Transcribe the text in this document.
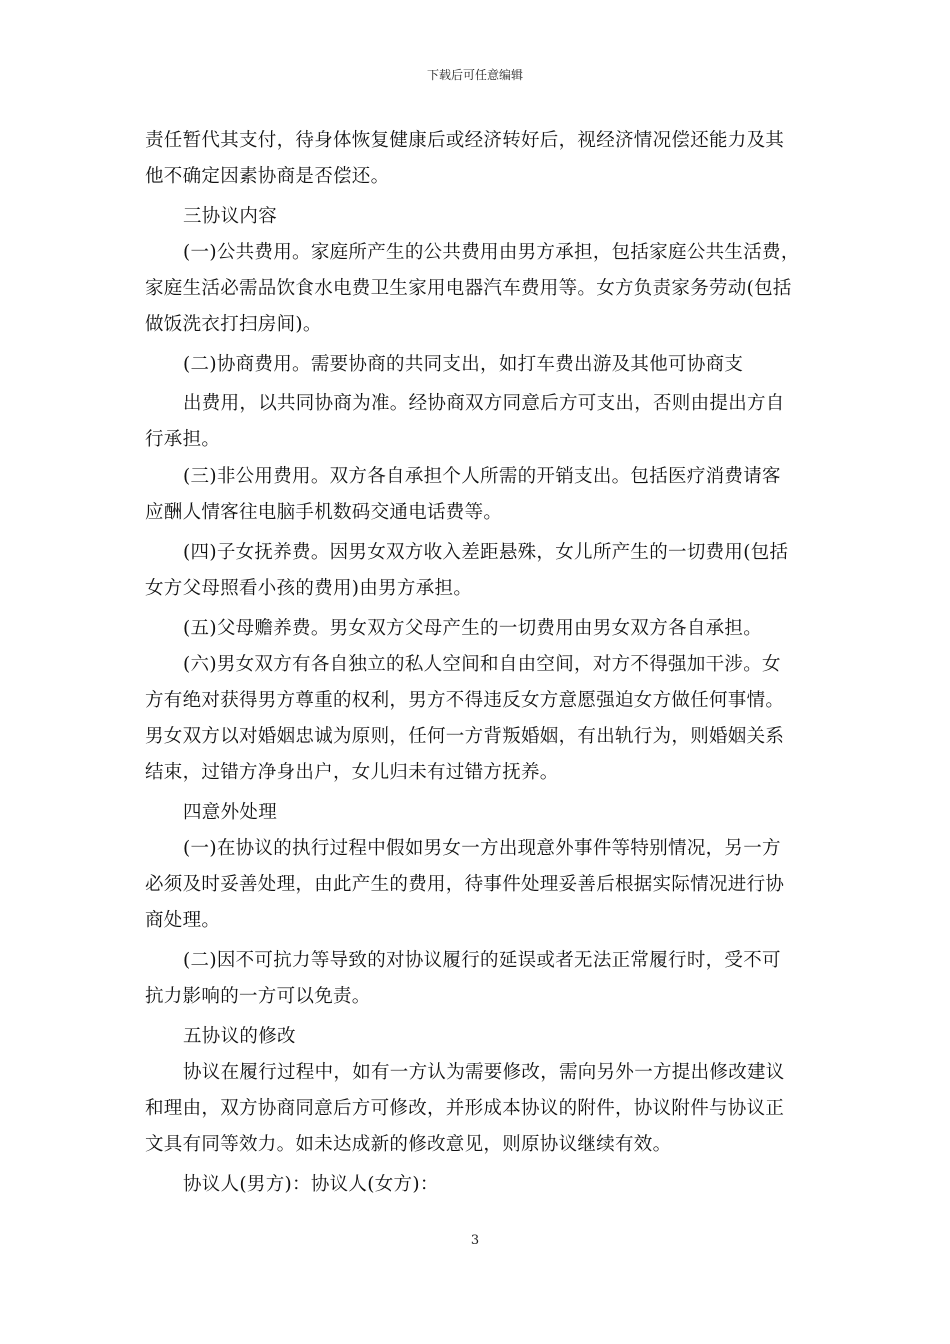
下载后可任意编辑
责任暂代其支付，待身体恢复健康后或经济转好后，视经济情况偿还能力及其
他不确定因素协商是否偿还。
三协议内容
(一)公共费用。家庭所产生的公共费用由男方承担，包括家庭公共生活费，
家庭生活必需品饮食水电费卫生家用电器汽车费用等。女方负责家务劳动(包括
做饭洗衣打扫房间)。
(二)协商费用。需要协商的共同支出，如打车费出游及其他可协商支
出费用，以共同协商为准。经协商双方同意后方可支出，否则由提出方自
行承担。
(三)非公用费用。双方各自承担个人所需的开销支出。包括医疗消费请客
应酬人情客往电脑手机数码交通电话费等。
(四)子女抚养费。因男女双方收入差距悬殊，女儿所产生的一切费用(包括
女方父母照看小孩的费用)由男方承担。
(五)父母赡养费。男女双方父母产生的一切费用由男女双方各自承担。
(六)男女双方有各自独立的私人空间和自由空间，对方不得强加干涉。女
方有绝对获得男方尊重的权利，男方不得违反女方意愿强迫女方做任何事情。
男女双方以对婚姻忠诚为原则，任何一方背叛婚姻，有出轨行为，则婚姻关系
结束，过错方净身出户，女儿归未有过错方抚养。
四意外处理
(一)在协议的执行过程中假如男女一方出现意外事件等特别情况，另一方
必须及时妥善处理，由此产生的费用，待事件处理妥善后根据实际情况进行协
商处理。
(二)因不可抗力等导致的对协议履行的延误或者无法正常履行时，受不可
抗力影响的一方可以免责。
五协议的修改
协议在履行过程中，如有一方认为需要修改，需向另外一方提出修改建议
和理由，双方协商同意后方可修改，并形成本协议的附件，协议附件与协议正
文具有同等效力。如未达成新的修改意见，则原协议继续有效。
协议人(男方)：协议人(女方)：
3
